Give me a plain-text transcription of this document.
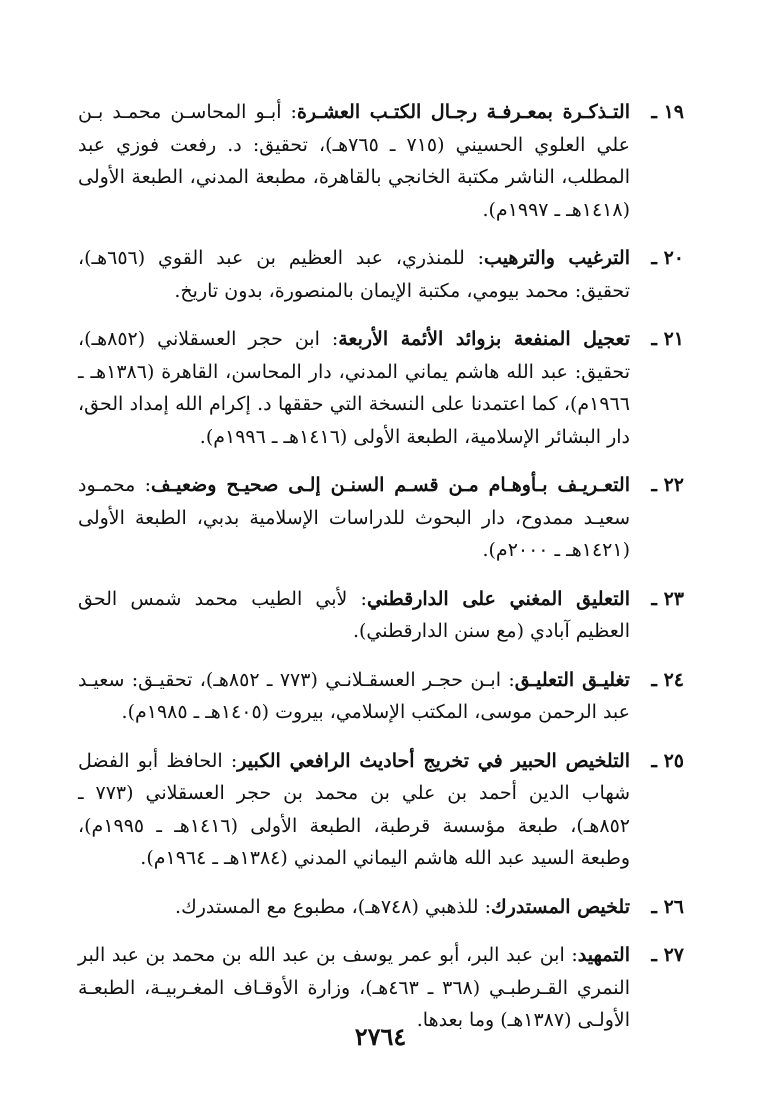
١٩ ـ
التـذكـرة بمعـرفـة رجـال الكتـب العشـرة: أبـو المحاسـن محمـد بـن علي العلوي الحسيني (٧١٥ ـ ٧٦٥هـ)، تحقيق: د. رفعت فوزي عبد المطلب، الناشر مكتبة الخانجي بالقاهرة، مطبعة المدني، الطبعة الأولى (١٤١٨هـ ـ ١٩٩٧م).
٢٠ ـ
الترغيب والترهيب: للمنذري، عبد العظيم بن عبد القوي (٦٥٦هـ)، تحقيق: محمد بيومي، مكتبة الإيمان بالمنصورة، بدون تاريخ.
٢١ ـ
تعجيل المنفعة بزوائد الأئمة الأربعة: ابن حجر العسقلاني (٨٥٢هـ)، تحقيق: عبد الله هاشم يماني المدني، دار المحاسن، القاهرة (١٣٨٦هـ ـ ١٩٦٦م)، كما اعتمدنا على النسخة التي حققها د. إكرام الله إمداد الحق، دار البشائر الإسلامية، الطبعة الأولى (١٤١٦هـ ـ ١٩٩٦م).
٢٢ ـ
التعـريـف بـأوهـام مـن قسـم السنـن إلـى صحيـح وضعيـف: محمـود سعيـد ممدوح، دار البحوث للدراسات الإسلامية بدبي، الطبعة الأولى (١٤٢١هـ ـ ٢٠٠٠م).
٢٣ ـ
التعليق المغني على الدارقطني: لأبي الطيب محمد شمس الحق العظيم آبادي (مع سنن الدارقطني).
٢٤ ـ
تغليـق التعليـق: ابـن حجـر العسقـلانـي (٧٧٣ ـ ٨٥٢هـ)، تحقيـق: سعيـد عبد الرحمن موسى، المكتب الإسلامي، بيروت (١٤٠٥هـ ـ ١٩٨٥م).
٢٥ ـ
التلخيص الحبير في تخريج أحاديث الرافعي الكبير: الحافظ أبو الفضل شهاب الدين أحمد بن علي بن محمد بن حجر العسقلاني (٧٧٣ ـ ٨٥٢هـ)، طبعة مؤسسة قرطبة، الطبعة الأولى (١٤١٦هـ ـ ١٩٩٥م)، وطبعة السيد عبد الله هاشم اليماني المدني (١٣٨٤هـ ـ ١٩٦٤م).
٢٦ ـ
تلخيص المستدرك: للذهبي (٧٤٨هـ)، مطبوع مع المستدرك.
٢٧ ـ
التمهيد: ابن عبد البر، أبو عمر يوسف بن عبد الله بن محمد بن عبد البر النمري القـرطبـي (٣٦٨ ـ ٤٦٣هـ)، وزارة الأوقـاف المغـربيـة، الطبعـة الأولـى (١٣٨٧هـ) وما بعدها.
٢٧٦٤
